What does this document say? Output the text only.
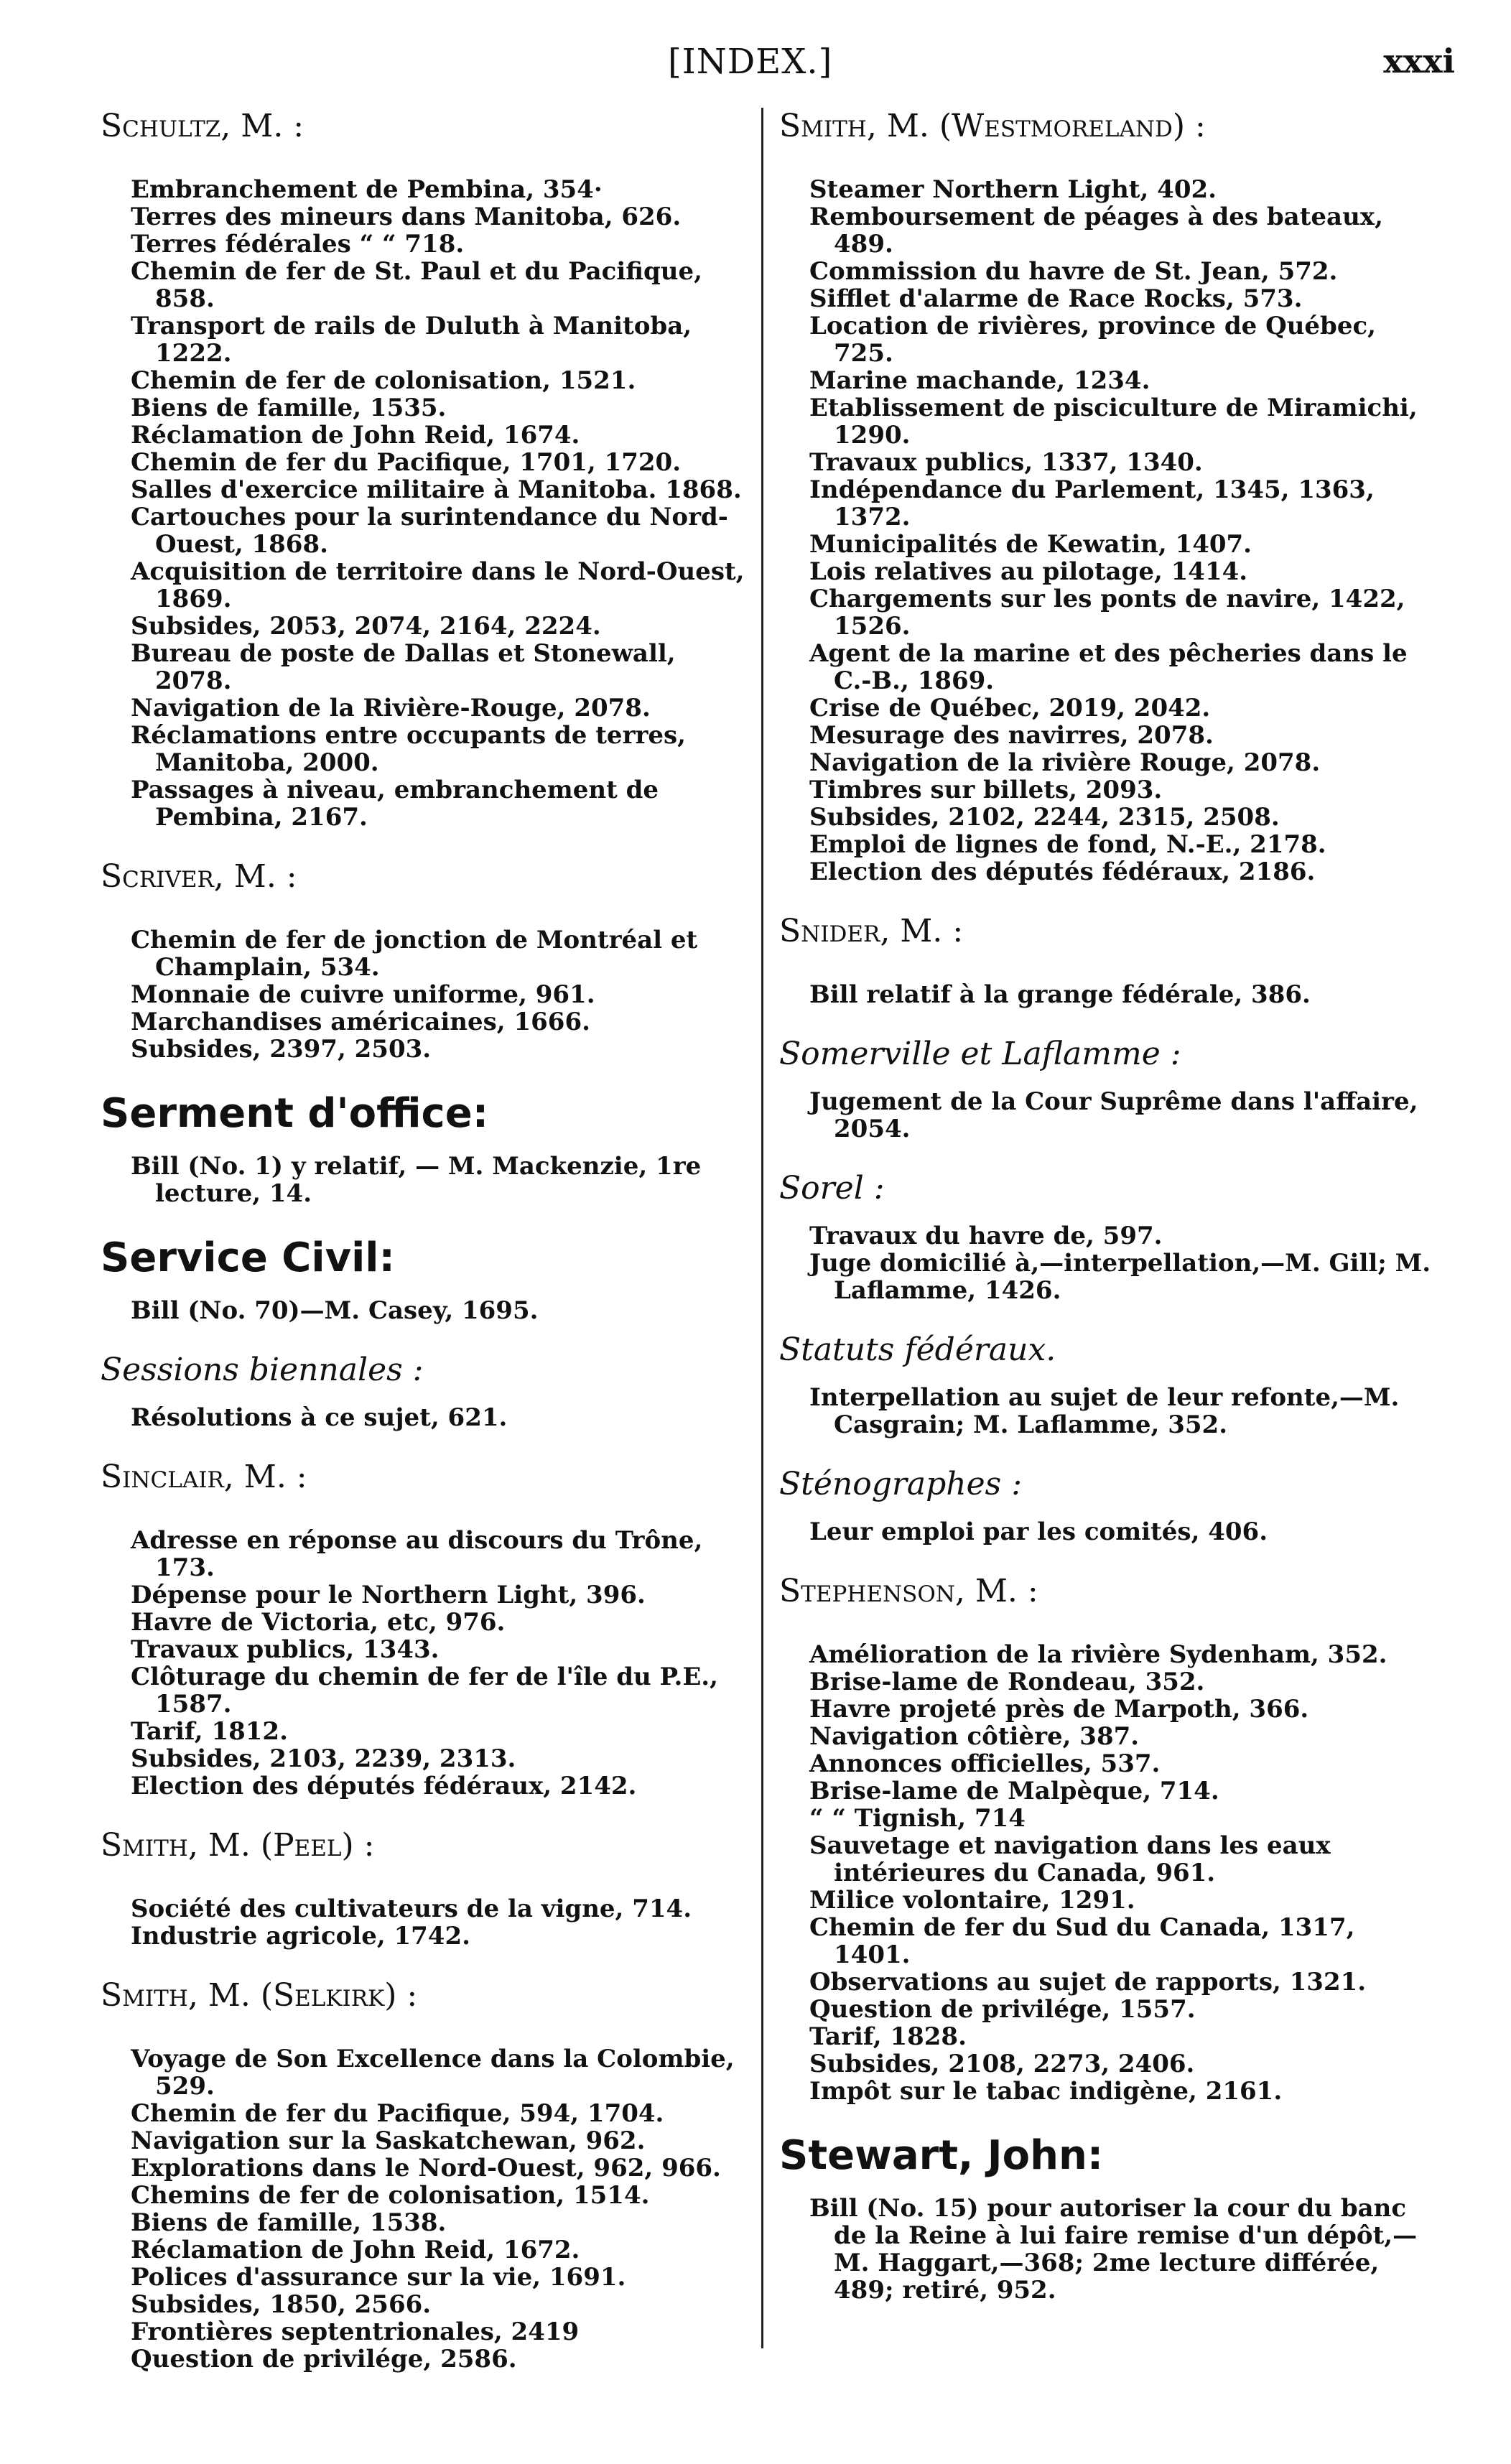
[INDEX.]	xxxi
Schultz, M. :
Embranchement de Pembina, 354·
Terres des mineurs dans Manitoba, 626.
Terres fédérales “ “ 718.
Chemin de fer de St. Paul et du Pacifique, 858.
Transport de rails de Duluth à Manitoba, 1222.
Chemin de fer de colonisation, 1521.
Biens de famille, 1535.
Réclamation de John Reid, 1674.
Chemin de fer du Pacifique, 1701, 1720.
Salles d'exercice militaire à Manitoba. 1868.
Cartouches pour la surintendance du Nord-Ouest, 1868.
Acquisition de territoire dans le Nord-Ouest, 1869.
Subsides, 2053, 2074, 2164, 2224.
Bureau de poste de Dallas et Stonewall, 2078.
Navigation de la Rivière-Rouge, 2078.
Réclamations entre occupants de terres, Manitoba, 2000.
Passages à niveau, embranchement de Pembina, 2167.
Scriver, M. :
Chemin de fer de jonction de Montréal et Champlain, 534.
Monnaie de cuivre uniforme, 961.
Marchandises américaines, 1666.
Subsides, 2397, 2503.
Serment d'office:
Bill (No. 1) y relatif, — M. Mackenzie, 1re lecture, 14.
Service Civil:
Bill (No. 70)—M. Casey, 1695.
Sessions biennales :
Résolutions à ce sujet, 621.
Sinclair, M. :
Adresse en réponse au discours du Trône, 173.
Dépense pour le Northern Light, 396.
Havre de Victoria, etc, 976.
Travaux publics, 1343.
Clôturage du chemin de fer de l'île du P.E., 1587.
Tarif, 1812.
Subsides, 2103, 2239, 2313.
Election des députés fédéraux, 2142.
Smith, M. (Peel) :
Société des cultivateurs de la vigne, 714.
Industrie agricole, 1742.
Smith, M. (Selkirk) :
Voyage de Son Excellence dans la Colombie, 529.
Chemin de fer du Pacifique, 594, 1704.
Navigation sur la Saskatchewan, 962.
Explorations dans le Nord-Ouest, 962, 966.
Chemins de fer de colonisation, 1514.
Biens de famille, 1538.
Réclamation de John Reid, 1672.
Polices d'assurance sur la vie, 1691.
Subsides, 1850, 2566.
Frontières septentrionales, 2419
Question de privilége, 2586.
Smith, M. (Westmoreland) :
Steamer Northern Light, 402.
Remboursement de péages à des bateaux, 489.
Commission du havre de St. Jean, 572.
Sifflet d'alarme de Race Rocks, 573.
Location de rivières, province de Québec, 725.
Marine machande, 1234.
Etablissement de pisciculture de Miramichi, 1290.
Travaux publics, 1337, 1340.
Indépendance du Parlement, 1345, 1363, 1372.
Municipalités de Kewatin, 1407.
Lois relatives au pilotage, 1414.
Chargements sur les ponts de navire, 1422, 1526.
Agent de la marine et des pêcheries dans le C.-B., 1869.
Crise de Québec, 2019, 2042.
Mesurage des navirres, 2078.
Navigation de la rivière Rouge, 2078.
Timbres sur billets, 2093.
Subsides, 2102, 2244, 2315, 2508.
Emploi de lignes de fond, N.-E., 2178.
Election des députés fédéraux, 2186.
Snider, M. :
Bill relatif à la grange fédérale, 386.
Somerville et Laflamme :
Jugement de la Cour Suprême dans l'affaire, 2054.
Sorel :
Travaux du havre de, 597.
Juge domicilié à,—interpellation,—M. Gill; M. Laflamme, 1426.
Statuts fédéraux.
Interpellation au sujet de leur refonte,—M. Casgrain; M. Laflamme, 352.
Sténographes :
Leur emploi par les comités, 406.
Stephenson, M. :
Amélioration de la rivière Sydenham, 352.
Brise-lame de Rondeau, 352.
Havre projeté près de Marpoth, 366.
Navigation côtière, 387.
Annonces officielles, 537.
Brise-lame de Malpèque, 714.
“ “ Tignish, 714
Sauvetage et navigation dans les eaux intérieures du Canada, 961.
Milice volontaire, 1291.
Chemin de fer du Sud du Canada, 1317, 1401.
Observations au sujet de rapports, 1321.
Question de privilége, 1557.
Tarif, 1828.
Subsides, 2108, 2273, 2406.
Impôt sur le tabac indigène, 2161.
Stewart, John:
Bill (No. 15) pour autoriser la cour du banc de la Reine à lui faire remise d'un dépôt,—M. Haggart,—368; 2me lecture différée, 489; retiré, 952.
